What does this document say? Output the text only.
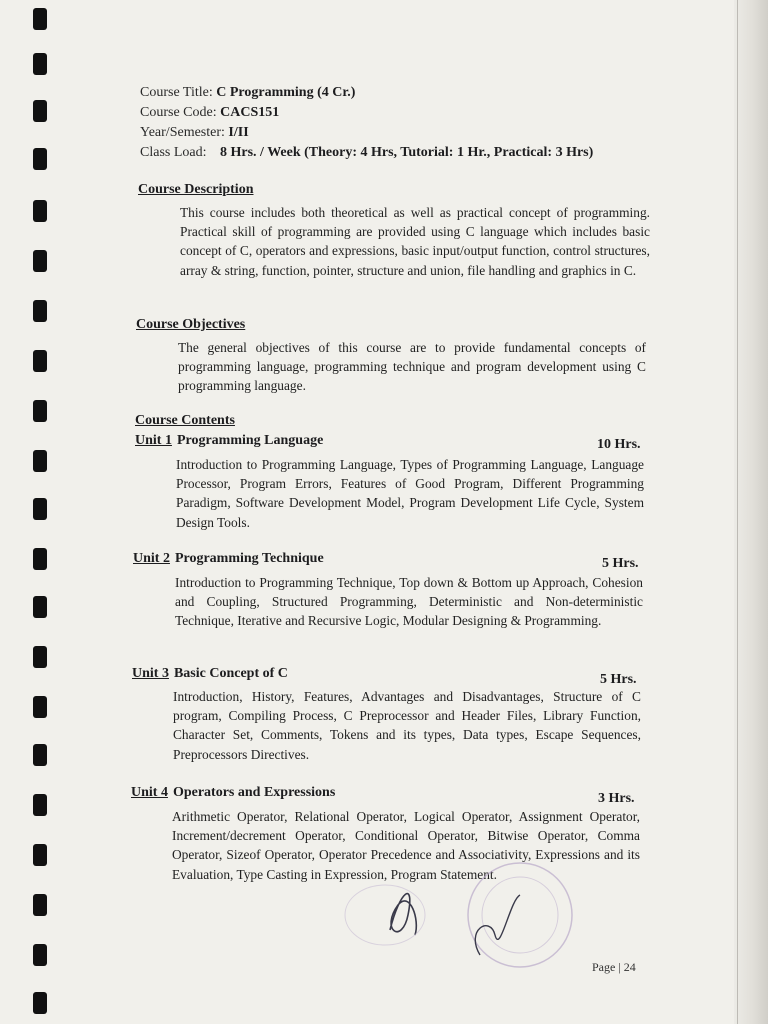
Course Title: C Programming (4 Cr.)
Course Code: CACS151
Year/Semester: I/II
Class Load: 8 Hrs. / Week (Theory: 4 Hrs, Tutorial: 1 Hr., Practical: 3 Hrs)
Course Description
This course includes both theoretical as well as practical concept of programming. Practical skill of programming are provided using C language which includes basic concept of C, operators and expressions, basic input/output function, control structures, array & string, function, pointer, structure and union, file handling and graphics in C.
Course Objectives
The general objectives of this course are to provide fundamental concepts of programming language, programming technique and program development using C programming language.
Course Contents
Unit 1 Programming Language	10 Hrs.
Introduction to Programming Language, Types of Programming Language, Language Processor, Program Errors, Features of Good Program, Different Programming Paradigm, Software Development Model, Program Development Life Cycle, System Design Tools.
Unit 2 Programming Technique	5 Hrs.
Introduction to Programming Technique, Top down & Bottom up Approach, Cohesion and Coupling, Structured Programming, Deterministic and Non-deterministic Technique, Iterative and Recursive Logic, Modular Designing & Programming.
Unit 3 Basic Concept of C	5 Hrs.
Introduction, History, Features, Advantages and Disadvantages, Structure of C program, Compiling Process, C Preprocessor and Header Files, Library Function, Character Set, Comments, Tokens and its types, Data types, Escape Sequences, Preprocessors Directives.
Unit 4 Operators and Expressions	3 Hrs.
Arithmetic Operator, Relational Operator, Logical Operator, Assignment Operator, Increment/decrement Operator, Conditional Operator, Bitwise Operator, Comma Operator, Sizeof Operator, Operator Precedence and Associativity, Expressions and its Evaluation, Type Casting in Expression, Program Statement.
Page | 24
